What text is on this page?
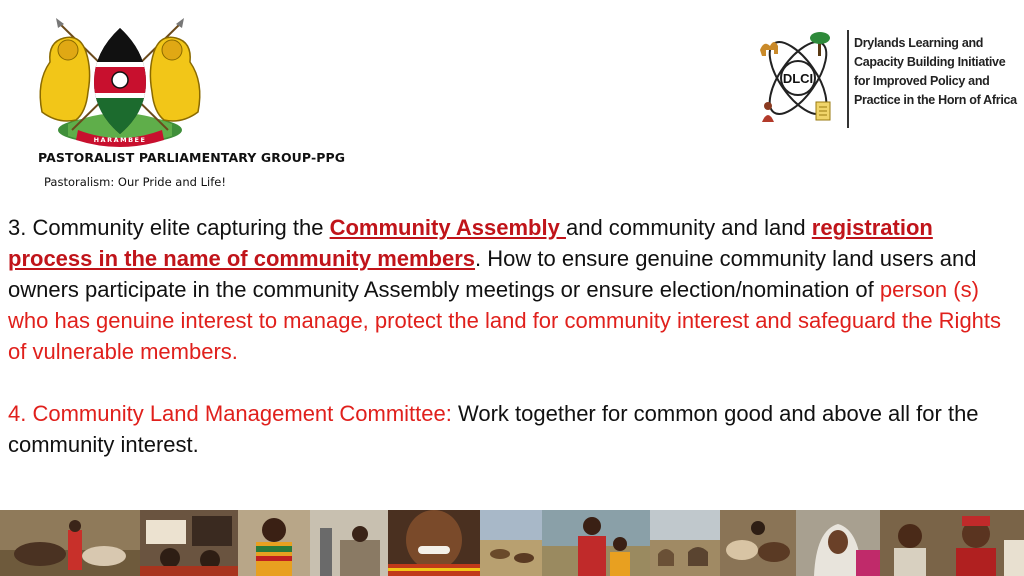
HARAMBEE
PASTORALIST PARLIAMENTARY GROUP-PPG
Pastoralism: Our Pride and Life!
DLCI
Drylands Learning and
Capacity Building Initiative
for Improved Policy and
Practice in the Horn of Africa

3. Community elite capturing the Community Assembly and community and land registration process in the name of community members. How to ensure genuine community land users and owners participate in the community Assembly meetings or ensure election/nomination of person (s) who has genuine interest to manage, protect the land for community interest and safeguard the Rights of vulnerable members.

4. Community Land Management Committee: Work together for common good and above all for the community interest.
